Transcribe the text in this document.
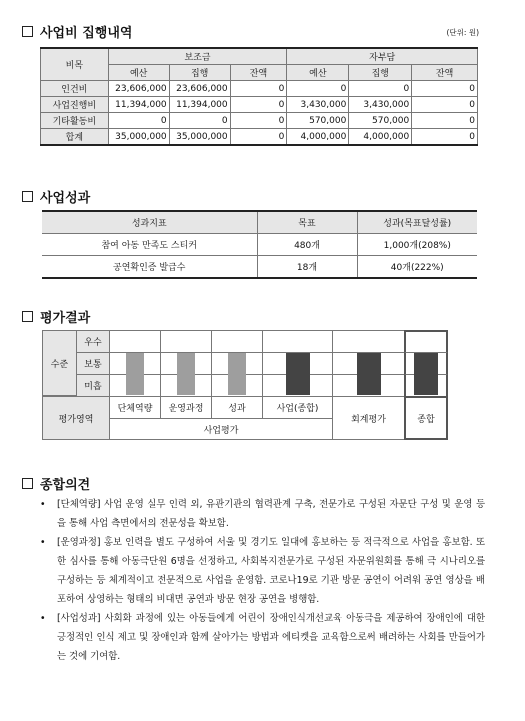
사업비 집행내역	(단위: 원)
비목	보조금			자부담		
	예산	집행	잔액	예산	집행	잔액
인건비	23,606,000	23,606,000	0	0	0	0
사업진행비	11,394,000	11,394,000	0	3,430,000	3,430,000	0
기타활동비	0	0	0	570,000	570,000	0
합계	35,000,000	35,000,000	0	4,000,000	4,000,000	0
사업성과
성과지표	목표	성과(목표달성률)
참여 아동 만족도 스티커	480개	1,000개(208%)
공연확인증 발급수	18개	40개(222%)
평가결과
수준
우수
보통
미흡
평가영역
단체역량	운영과정	성과	사업(종합)
사업평가
회계평가	종합
종합의견
•	[단체역량] 사업 운영 실무 인력 외, 유관기관의 협력관계 구축, 전문가로 구성된 자문단 구성 및 운영 등을 통해 사업 측면에서의 전문성을 확보함.
•	[운영과정] 홍보 인력을 별도 구성하여 서울 및 경기도 일대에 홍보하는 등 적극적으로 사업을 홍보함. 또한 심사를 통해 아동극단원 6명을 선정하고, 사회복지전문가로 구성된 자문위원회를 통해 극 시나리오를 구성하는 등 체계적이고 전문적으로 사업을 운영함. 코로나19로 기관 방문 공연이 어려워 공연 영상을 배포하여 상영하는 형태의 비대면 공연과 방문 현장 공연을 병행함.
•	[사업성과] 사회화 과정에 있는 아동들에게 어린이 장애인식개선교육 아동극을 제공하여 장애인에 대한 긍정적인 인식 제고 및 장애인과 함께 살아가는 방법과 에티켓을 교육함으로써 배려하는 사회를 만들어가는 것에 기여함.
